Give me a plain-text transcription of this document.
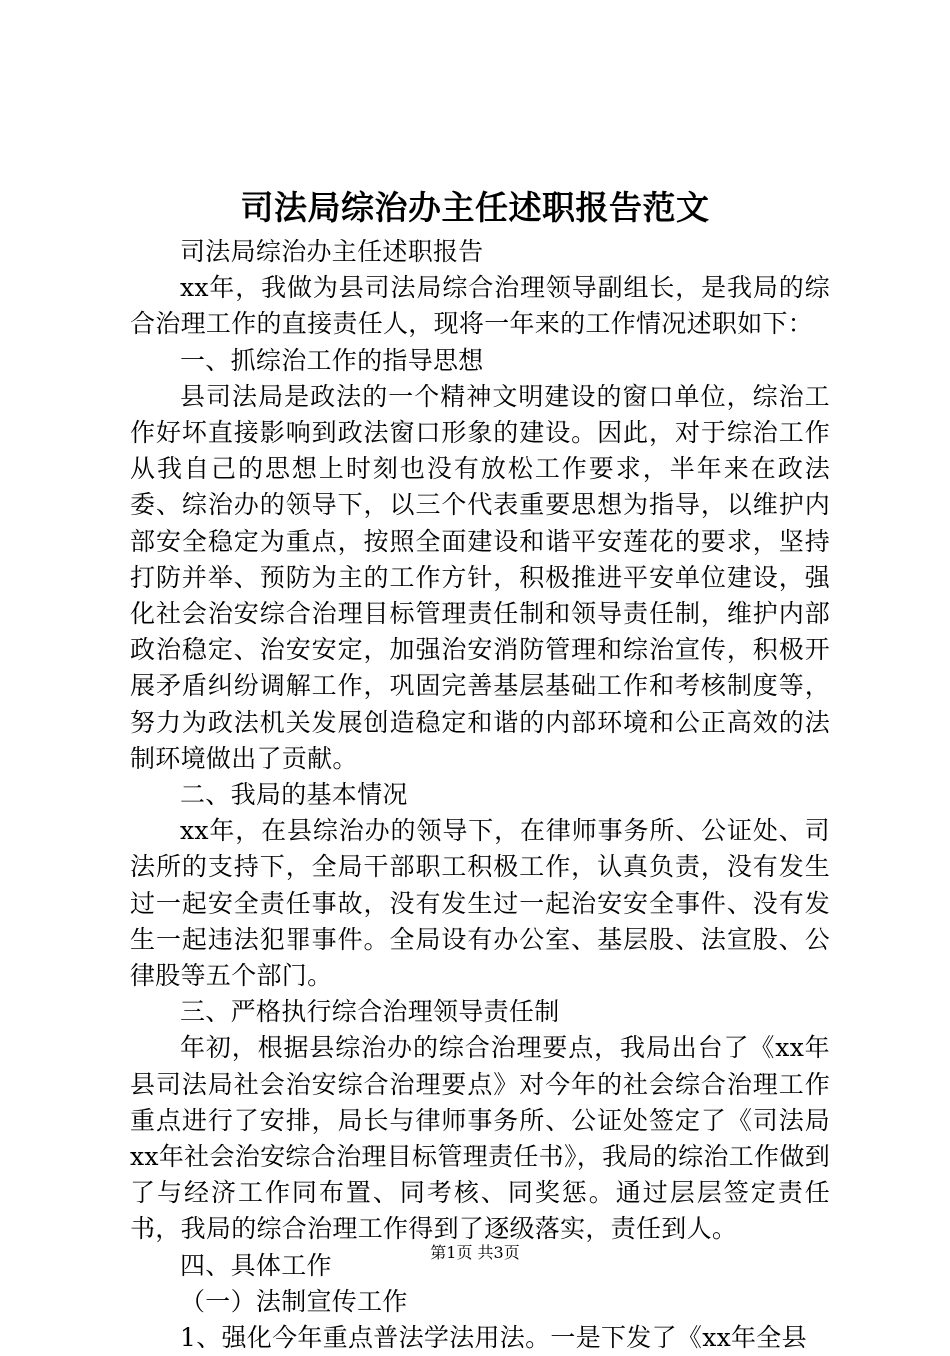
司法局综治办主任述职报告范文

司法局综治办主任述职报告

xx年，我做为县司法局综合治理领导副组长，是我局的综合治理工作的直接责任人，现将一年来的工作情况述职如下：

一、抓综治工作的指导思想

县司法局是政法的一个精神文明建设的窗口单位，综治工作好坏直接影响到政法窗口形象的建设。因此，对于综治工作从我自己的思想上时刻也没有放松工作要求，半年来在政法委、综治办的领导下，以三个代表重要思想为指导，以维护内部安全稳定为重点，按照全面建设和谐平安莲花的要求，坚持打防并举、预防为主的工作方针，积极推进平安单位建设，强化社会治安综合治理目标管理责任制和领导责任制，维护内部政治稳定、治安安定，加强治安消防管理和综治宣传，积极开展矛盾纠纷调解工作，巩固完善基层基础工作和考核制度等，努力为政法机关发展创造稳定和谐的内部环境和公正高效的法制环境做出了贡献。

二、我局的基本情况

xx年，在县综治办的领导下，在律师事务所、公证处、司法所的支持下，全局干部职工积极工作，认真负责，没有发生过一起安全责任事故，没有发生过一起治安安全事件、没有发生一起违法犯罪事件。全局设有办公室、基层股、法宣股、公律股等五个部门。

三、严格执行综合治理领导责任制

年初，根据县综治办的综合治理要点，我局出台了《xx年县司法局社会治安综合治理要点》对今年的社会综合治理工作重点进行了安排，局长与律师事务所、公证处签定了《司法局xx年社会治安综合治理目标管理责任书》，我局的综治工作做到了与经济工作同布置、同考核、同奖惩。通过层层签定责任书，我局的综合治理工作得到了逐级落实，责任到人。

四、具体工作

（一）法制宣传工作

1、强化今年重点普法学法用法。一是下发了《xx年全县

第1页 共3页
